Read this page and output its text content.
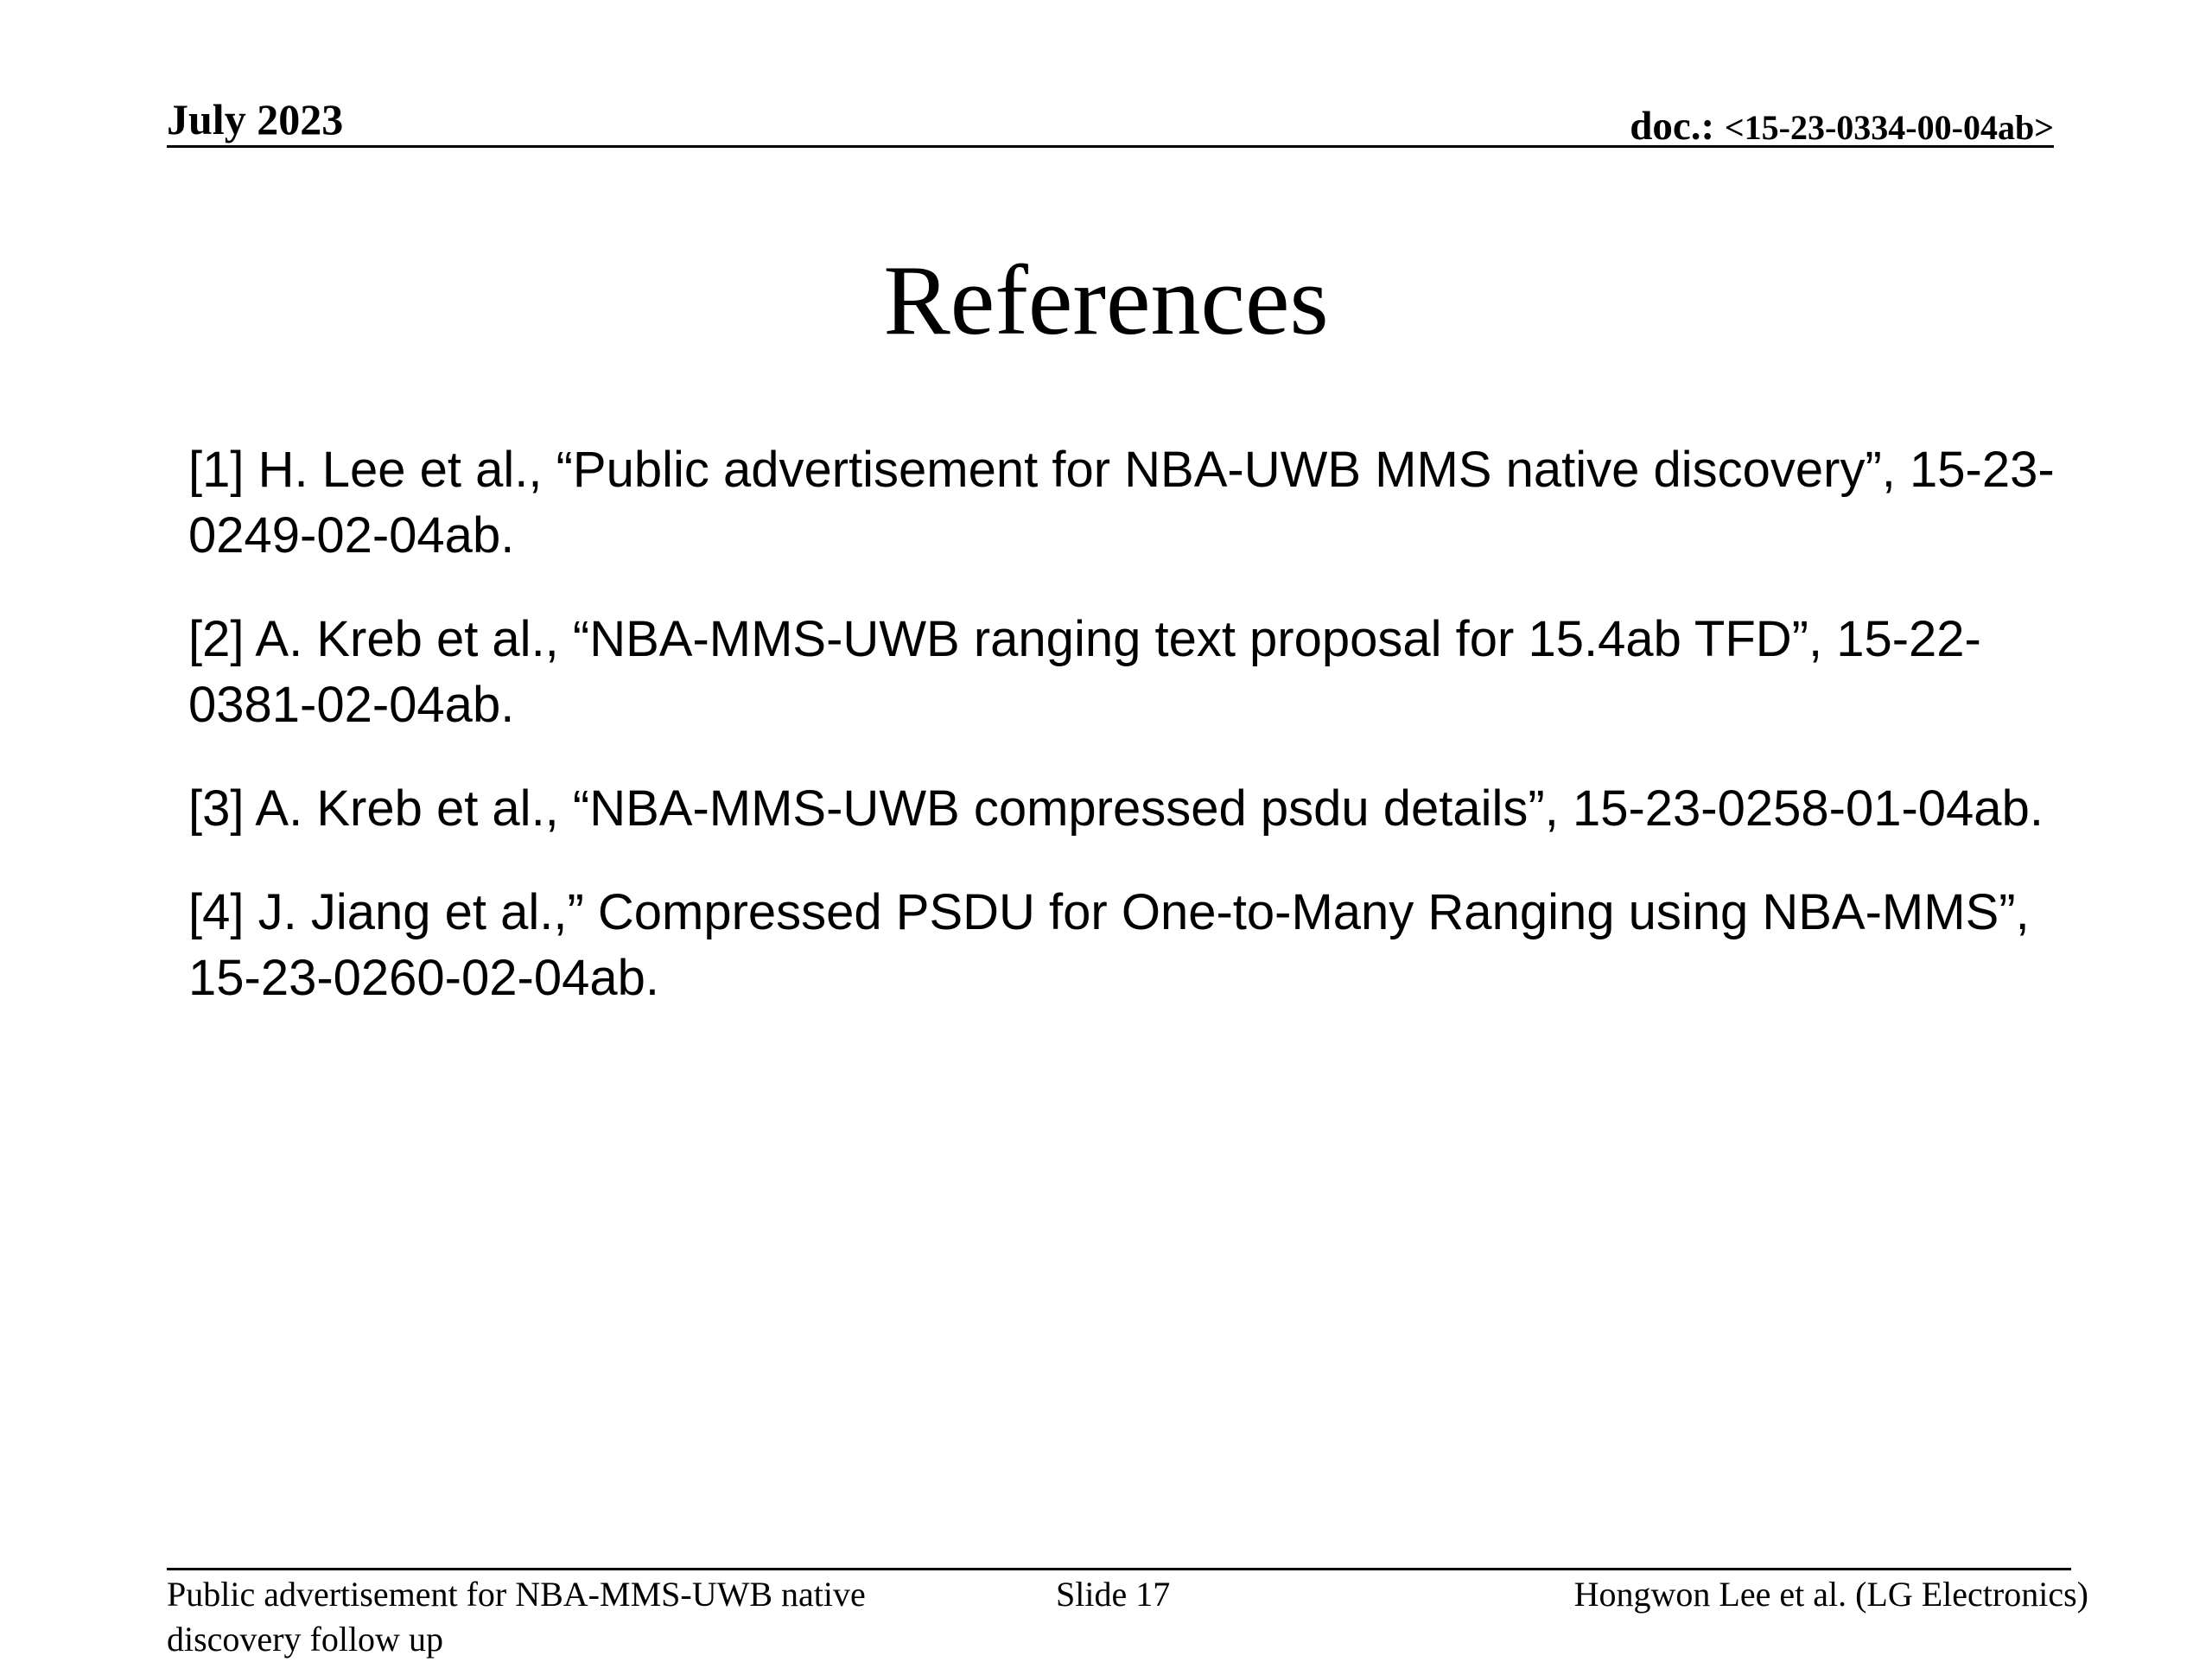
July 2023	doc.: <15-23-0334-00-04ab>
References

[1] H. Lee et al., “Public advertisement for NBA-UWB MMS native discovery”, 15-23-0249-02-04ab.

[2] A. Kreb et al., “NBA-MMS-UWB ranging text proposal for 15.4ab TFD”, 15-22-0381-02-04ab.

[3] A. Kreb et al., “NBA-MMS-UWB compressed psdu details”, 15-23-0258-01-04ab.

[4] J. Jiang et al.,” Compressed PSDU for One-to-Many Ranging using NBA-MMS”, 15-23-0260-02-04ab.

Public advertisement for NBA-MMS-UWB native discovery follow up
Slide 17	Hongwon Lee et al. (LG Electronics)
